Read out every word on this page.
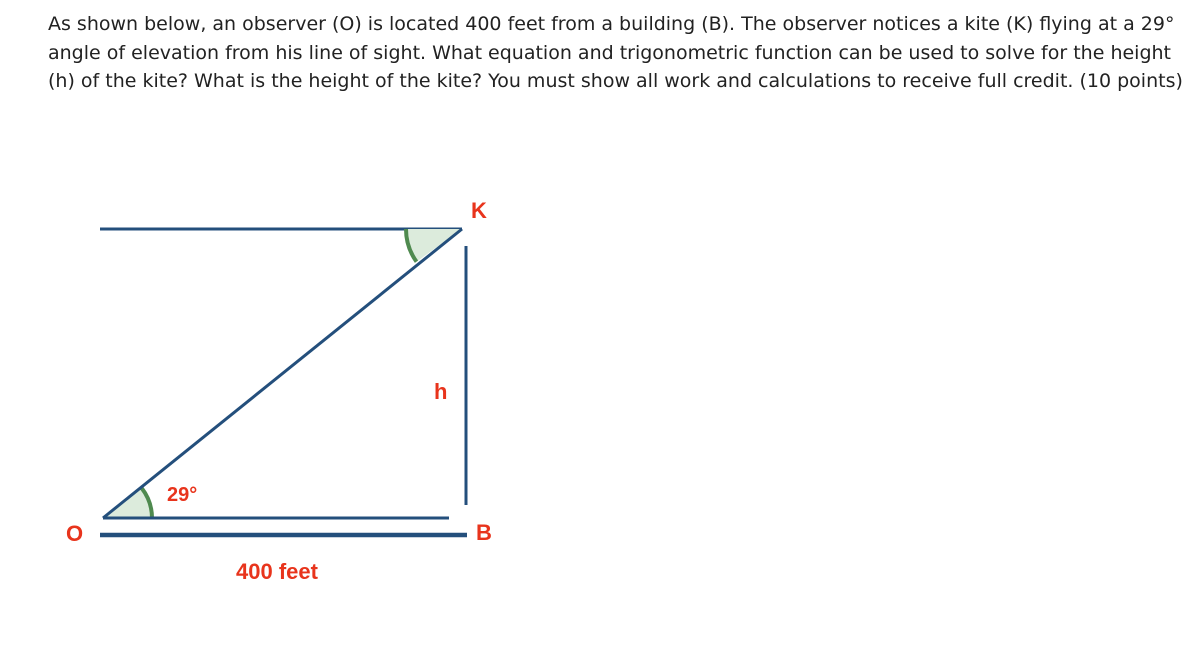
As shown below, an observer (O) is located 400 feet from a building (B). The observer notices a kite (K) flying at a 29° angle of elevation from his line of sight. What equation and trigonometric function can be used to solve for the height (h) of the kite? What is the height of the kite? You must show all work and calculations to receive full credit. (10 points)

K
h
29°
O	B
400 feet
